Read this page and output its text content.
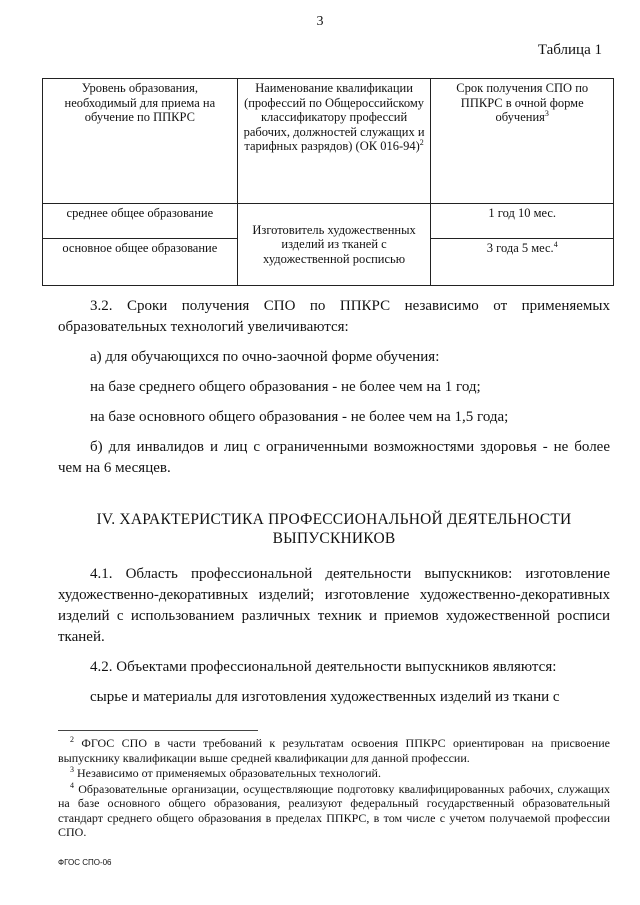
3
Таблица 1
Уровень образования, необходимый для приема на обучение по ППКРС	Наименование квалификации (профессий по Общероссийскому классификатору профессий рабочих, должностей служащих и тарифных разрядов) (ОК 016-94)$^2$	Срок получения СПО по ППКРС в очной форме обучения$^3$
среднее общее образование	Изготовитель художественных изделий из тканей с художественной росписью	1 год 10 мес.
основное общее образование		3 года 5 мес.$^4$

3.2. Сроки получения СПО по ППКРС независимо от применяемых образовательных технологий увеличиваются:

а) для обучающихся по очно-заочной форме обучения:

на базе среднего общего образования - не более чем на 1 год;

на базе основного общего образования - не более чем на 1,5 года;

б) для инвалидов и лиц с ограниченными возможностями здоровья - не более чем на 6 месяцев.

IV. ХАРАКТЕРИСТИКА ПРОФЕССИОНАЛЬНОЙ ДЕЯТЕЛЬНОСТИ
ВЫПУСКНИКОВ

4.1. Область профессиональной деятельности выпускников: изготовление художественно-декоративных изделий; изготовление художественно-декоративных изделий с использованием различных техник и приемов художественной росписи тканей.

4.2. Объектами профессиональной деятельности выпускников являются:

сырье и материалы для изготовления художественных изделий из ткани с

$^2$ ФГОС СПО в части требований к результатам освоения ППКРС ориентирован на присвоение выпускнику квалификации выше средней квалификации для данной профессии.

$^3$ Независимо от применяемых образовательных технологий.

$^4$ Образовательные организации, осуществляющие подготовку квалифицированных рабочих, служащих на базе основного общего образования, реализуют федеральный государственный образовательный стандарт среднего общего образования в пределах ППКРС, в том числе с учетом получаемой профессии СПО.

ФГОС СПО-06
